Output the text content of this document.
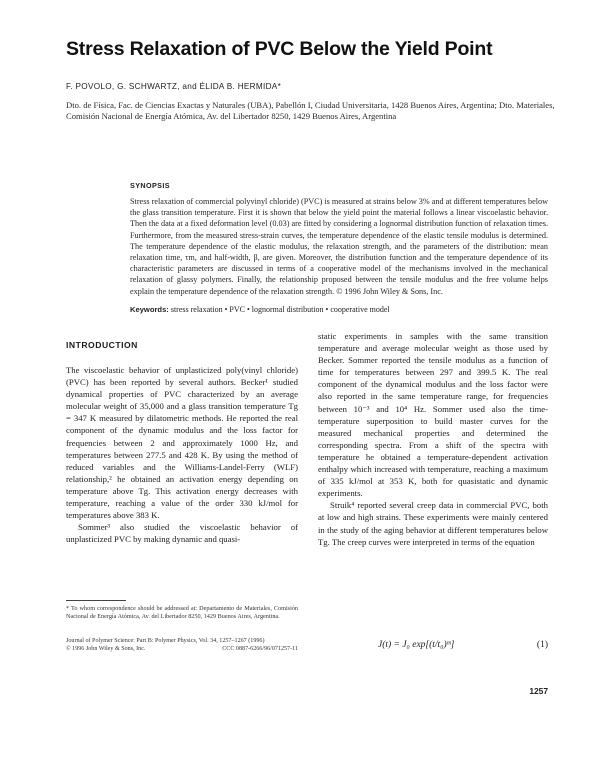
Stress Relaxation of PVC Below the Yield Point
F. POVOLO, G. SCHWARTZ, and ÉLIDA B. HERMIDA*
Dto. de Física, Fac. de Ciencias Exactas y Naturales (UBA), Pabellón I, Ciudad Universitaria, 1428 Buenos Aires, Argentina; Dto. Materiales, Comisión Nacional de Energía Atómica, Av. del Libertador 8250, 1429 Buenos Aires, Argentina
SYNOPSIS
Stress relaxation of commercial polyvinyl chloride) (PVC) is measured at strains below 3% and at different temperatures below the glass transition temperature. First it is shown that below the yield point the material follows a linear viscoelastic behavior. Then the data at a fixed deformation level (0.03) are fitted by considering a lognormal distribution function of relaxation times. Furthermore, from the measured stress-strain curves, the temperature dependence of the elastic tensile modulus is determined. The temperature dependence of the elastic modulus, the relaxation strength, and the parameters of the distribution: mean relaxation time, τm, and half-width, β, are given. Moreover, the distribution function and the temperature dependence of its characteristic parameters are discussed in terms of a cooperative model of the mechanisms involved in the mechanical relaxation of glassy polymers. Finally, the relationship proposed between the tensile modulus and the free volume helps explain the temperature dependence of the relaxation strength. © 1996 John Wiley & Sons, Inc.
Keywords: stress relaxation • PVC • lognormal distribution • cooperative model
INTRODUCTION

The viscoelastic behavior of unplasticized poly(vinyl chloride) (PVC) has been reported by several authors. Becker¹ studied dynamical properties of PVC characterized by an average molecular weight of 35,000 and a glass transition temperature Tg = 347 K measured by dilatometric methods. He reported the real component of the dynamic modulus and the loss factor for frequencies between 2 and approximately 1000 Hz, and temperatures between 277.5 and 428 K. By using the method of reduced variables and the Williams-Landel-Ferry (WLF) relationship,² he obtained an activation energy depending on temperature above Tg. This activation energy decreases with temperature, reaching a value of the order 330 kJ/mol for temperatures above 383 K.

Sommer³ also studied the viscoelastic behavior of unplasticized PVC by making dynamic and quasi-

static experiments in samples with the same transition temperature and average molecular weight as those used by Becker. Sommer reported the tensile modulus as a function of time for temperatures between 297 and 399.5 K. The real component of the dynamical modulus and the loss factor were also reported in the same temperature range, for frequencies between 10⁻³ and 10⁴ Hz. Sommer used also the time-temperature superposition to build master curves for the measured mechanical properties and determined the corresponding spectra. From a shift of the spectra with temperature he obtained a temperature-dependent activation enthalpy which increased with temperature, reaching a maximum of 335 kJ/mol at 353 K, both for quasistatic and dynamic experiments.

Struik⁴ reported several creep data in commercial PVC, both at low and high strains. These experiments were mainly centered in the study of the aging behavior at different temperatures below Tg. The creep curves were interpreted in terms of the equation

* To whom correspondence should be addressed at: Departamento de Materiales, Comisión Nacional de Energía Atómica, Av. del Libertador 8250, 1429 Buenos Aires, Argentina.
Journal of Polymer Science: Part B: Polymer Physics, Vol. 34, 1257–1267 (1996)
© 1996 John Wiley & Sons, Inc.	CCC 0887-6266/96/071257-11	J(t) = J₀ exp[(t/t₀)ᵐ]	(1)
1257
